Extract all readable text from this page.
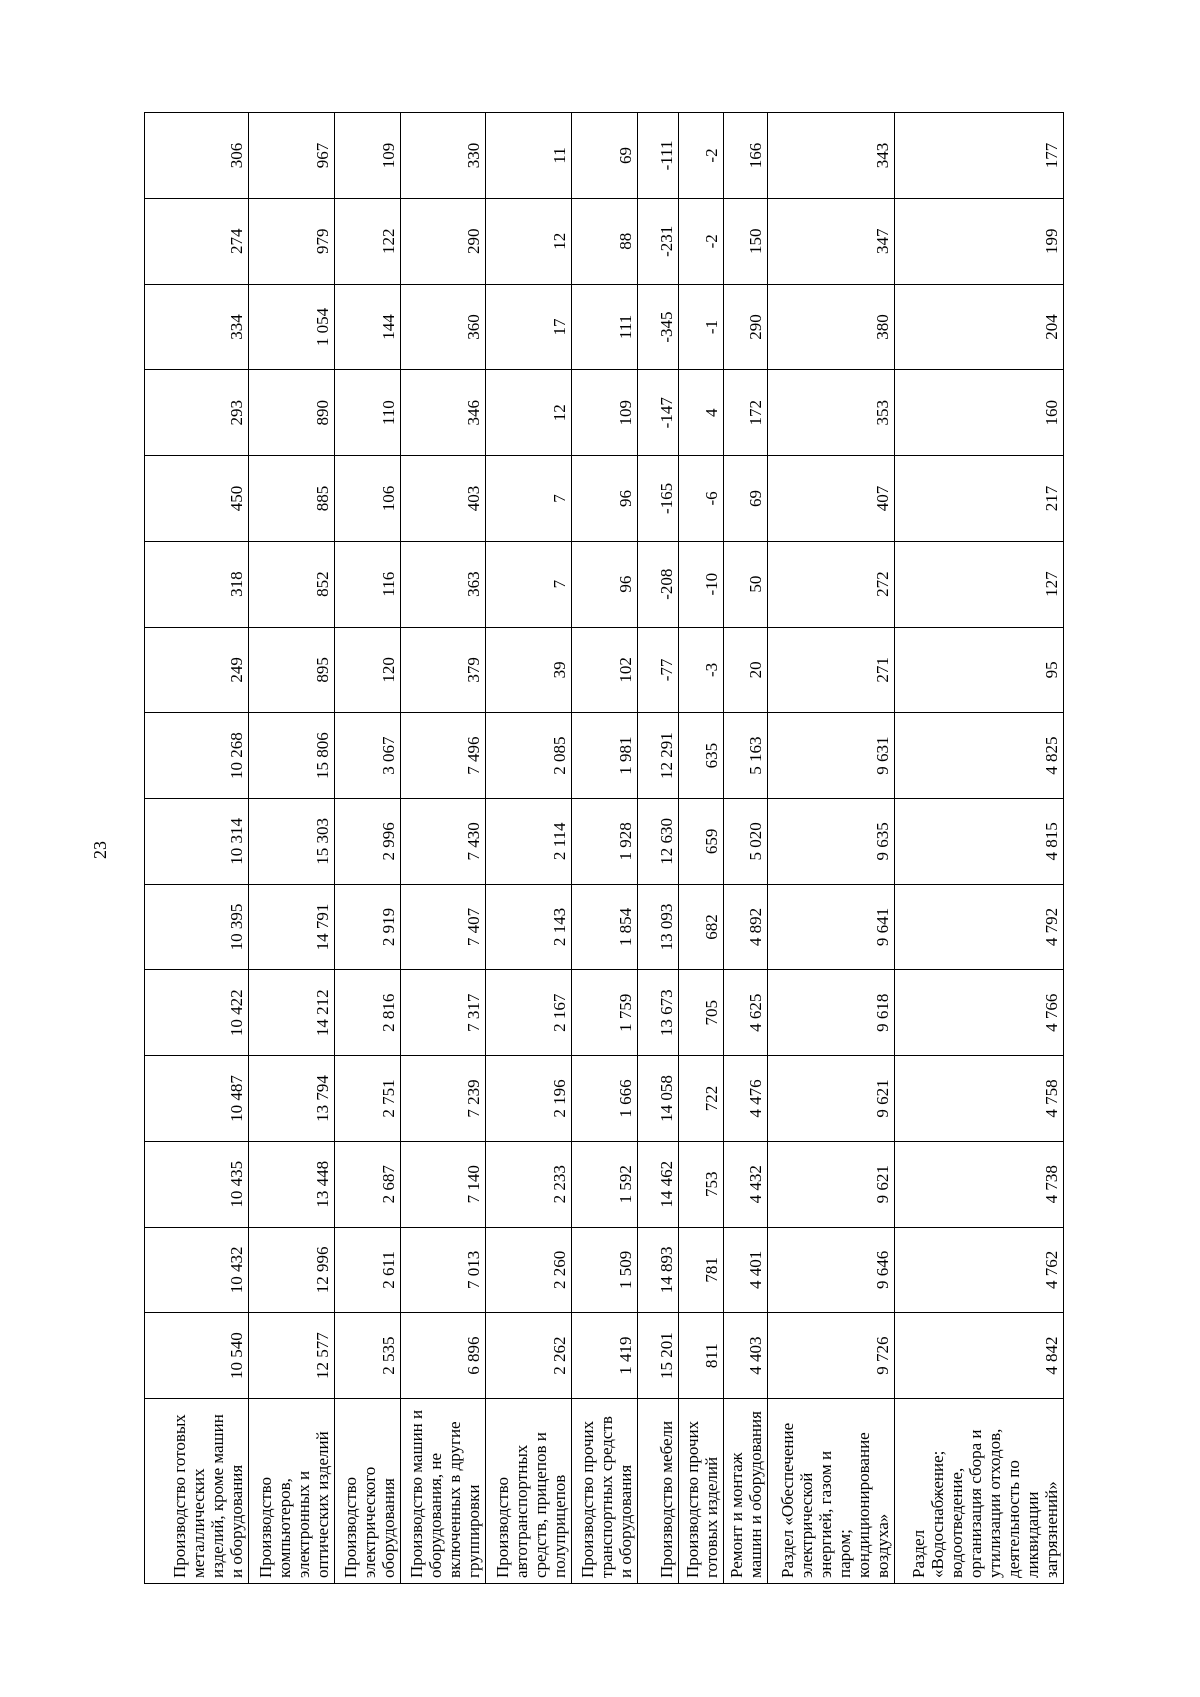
23
Производство готовых металлических изделий, кроме машин и оборудования	10 540	10 432	10 435	10 487	10 422	10 395	10 314	10 268	249	318	450	293	334	274	306
Производство компьютеров, электронных и оптических изделий	12 577	12 996	13 448	13 794	14 212	14 791	15 303	15 806	895	852	885	890	1 054	979	967
Производство электрического оборудования	2 535	2 611	2 687	2 751	2 816	2 919	2 996	3 067	120	116	106	110	144	122	109
Производство машин и оборудования, не включенных в другие группировки	6 896	7 013	7 140	7 239	7 317	7 407	7 430	7 496	379	363	403	346	360	290	330
Производство автотранспортных средств, прицепов и полуприцепов	2 262	2 260	2 233	2 196	2 167	2 143	2 114	2 085	39	7	7	12	17	12	11
Производство прочих транспортных средств и оборудования	1 419	1 509	1 592	1 666	1 759	1 854	1 928	1 981	102	96	96	109	111	88	69
Производство мебели	15 201	14 893	14 462	14 058	13 673	13 093	12 630	12 291	-77	-208	-165	-147	-345	-231	-111
Производство прочих готовых изделий	811	781	753	722	705	682	659	635	-3	-10	-6	4	-1	-2	-2
Ремонт и монтаж машин и оборудования	4 403	4 401	4 432	4 476	4 625	4 892	5 020	5 163	20	50	69	172	290	150	166
Раздел «Обеспечение электрической энергией, газом и паром; кондиционирование воздуха»	9 726	9 646	9 621	9 621	9 618	9 641	9 635	9 631	271	272	407	353	380	347	343
Раздел «Водоснабжение; водоотведение, организация сбора и утилизации отходов, деятельность по ликвидации загрязнений»	4 842	4 762	4 738	4 758	4 766	4 792	4 815	4 825	95	127	217	160	204	199	177
